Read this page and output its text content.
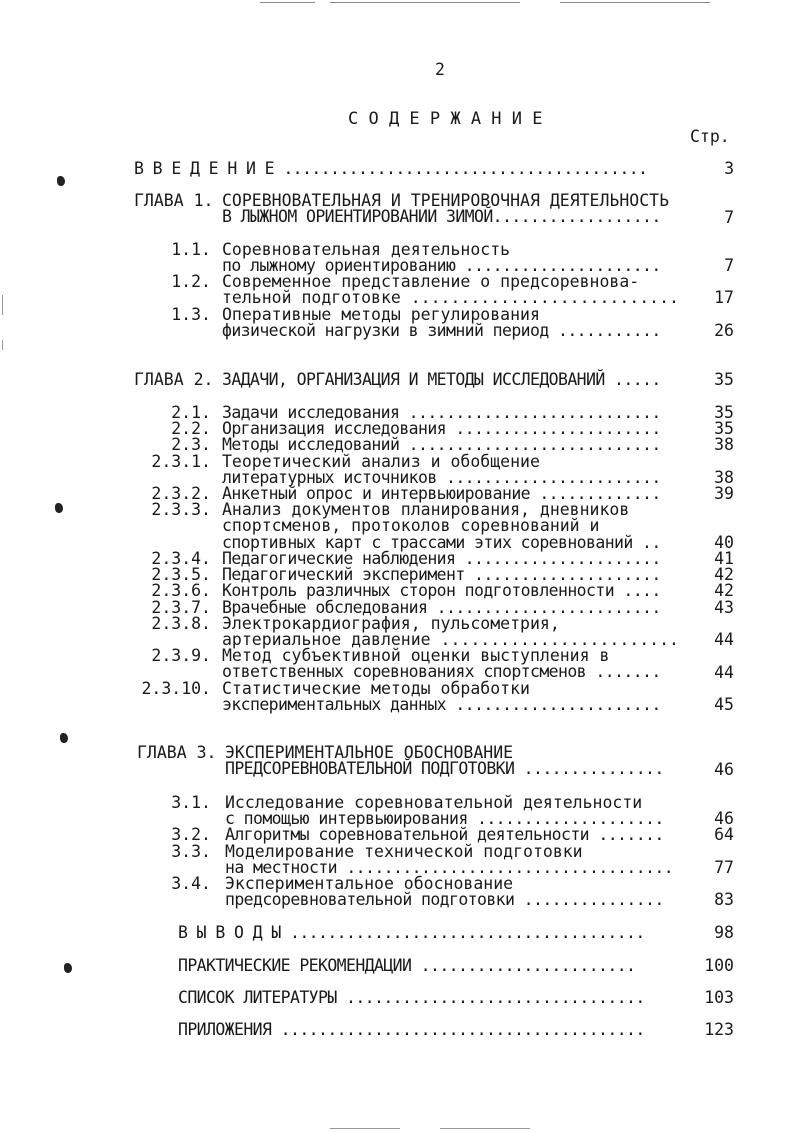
2
С О Д Е Р Ж А Н И Е
Стр.
В В Е Д Е Н И Е .......................................	3
ГЛАВА 1. СОРЕВНОВАТЕЛЬНАЯ И ТРЕНИРОВОЧНАЯ ДЕЯТЕЛЬНОСТЬ
В ЛЫЖНОМ ОРИЕНТИРОВАНИИ ЗИМОЙ..................	7
1.1. Соревновательная деятельность
по лыжному ориентированию .....................	7
1.2. Современное представление о предсоревнова-
тельной подготовке ...........................	17
1.3. Оперативные методы регулирования
физической нагрузки в зимний период ...........	26
ГЛАВА 2. ЗАДАЧИ, ОРГАНИЗАЦИЯ И МЕТОДЫ ИССЛЕДОВАНИЙ .....	35
2.1. Задачи исследования ...........................	35
2.2. Организация исследования ......................	35
2.3. Методы исследований ...........................	38
2.3.1. Теоретический анализ и обобщение
литературных источников .......................	38
2.3.2. Анкетный опрос и интервьюирование .............	39
2.3.3. Анализ документов планирования, дневников
спортсменов, протоколов соревнований и
спортивных карт с трассами этих соревнований ..	40
2.3.4. Педагогические наблюдения .....................	41
2.3.5. Педагогический эксперимент ....................	42
2.3.6. Контроль различных сторон подготовленности ....	42
2.3.7. Врачебные обследования ........................	43
2.3.8. Электрокардиография, пульсометрия,
артериальное давление ........................	44
2.3.9. Метод субъективной оценки выступления в
ответственных соревнованиях спортсменов .......	44
2.3.10. Статистические методы обработки
экспериментальных данных ......................	45
ГЛАВА 3. ЭКСПЕРИМЕНТАЛЬНОЕ ОБОСНОВАНИЕ
ПРЕДСОРЕВНОВАТЕЛЬНОЙ ПОДГОТОВКИ ...............	46
3.1. Исследование соревновательной деятельности
с помощью интервьюирования ....................	46
3.2. Алгоритмы соревновательной деятельности .......	64
3.3. Моделирование технической подготовки
на местности ...................................	77
3.4. Экспериментальное обоснование
предсоревновательной подготовки ...............	83
В Ы В О Д Ы ......................................	98
ПРАКТИЧЕСКИЕ РЕКОМЕНДАЦИИ .......................	100
СПИСОК ЛИТЕРАТУРЫ ................................	103
ПРИЛОЖЕНИЯ .......................................	123
